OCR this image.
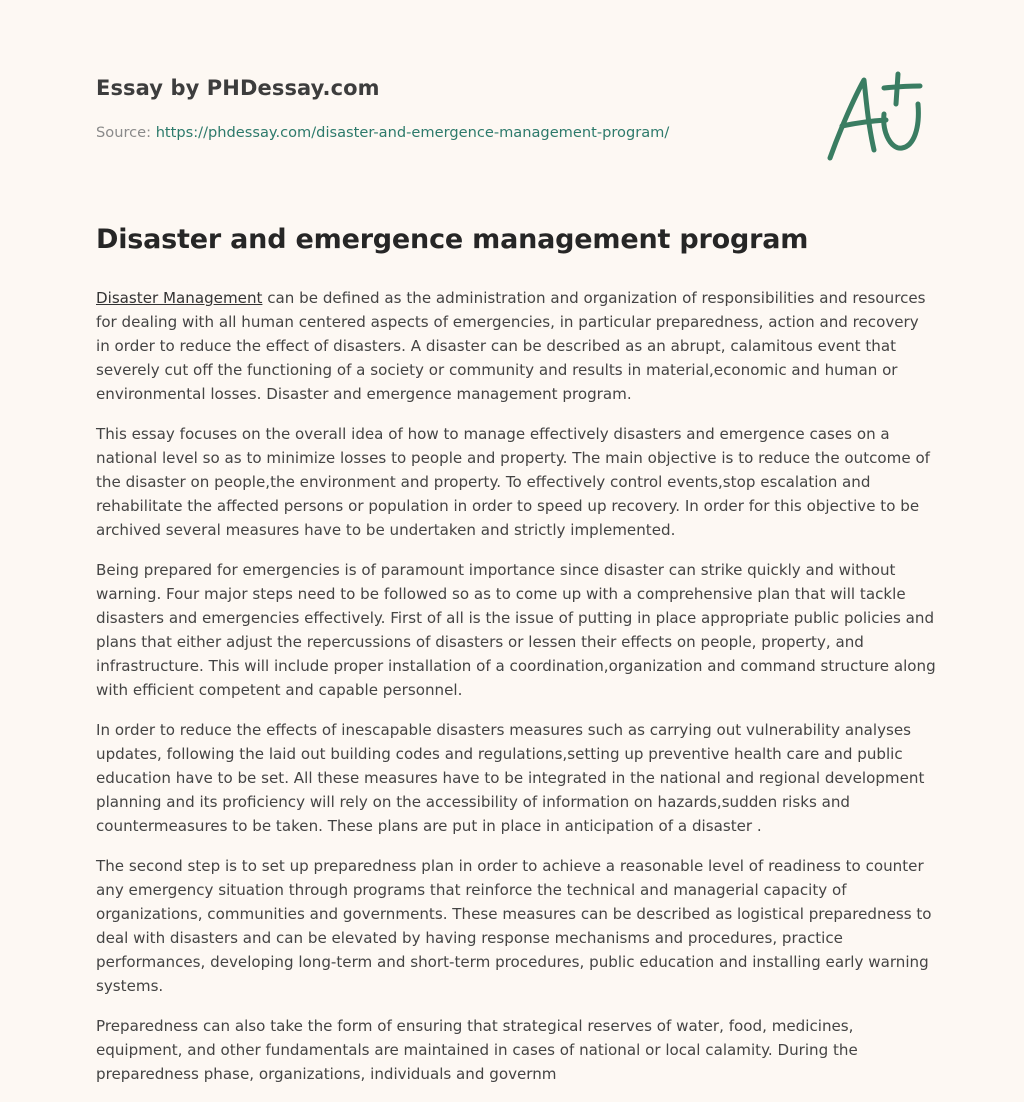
Essay by PHDessay.com
Source: https://phdessay.com/disaster-and-emergence-management-program/
Disaster and emergence management program

Disaster Management can be defined as the administration and organization of responsibilities and resources for dealing with all human centered aspects of emergencies, in particular preparedness, action and recovery in order to reduce the effect of disasters. A disaster can be described as an abrupt, calamitous event that severely cut off the functioning of a society or community and results in material,economic and human or environmental losses. Disaster and emergence management program.

This essay focuses on the overall idea of how to manage effectively disasters and emergence cases on a national level so as to minimize losses to people and property. The main objective is to reduce the outcome of the disaster on people,the environment and property. To effectively control events,stop escalation and rehabilitate the affected persons or population in order to speed up recovery. In order for this objective to be archived several measures have to be undertaken and strictly implemented.

Being prepared for emergencies is of paramount importance since disaster can strike quickly and without warning. Four major steps need to be followed so as to come up with a comprehensive plan that will tackle disasters and emergencies effectively. First of all is the issue of putting in place appropriate public policies and plans that either adjust the repercussions of disasters or lessen their effects on people, property, and infrastructure. This will include proper installation of a coordination,organization and command structure along with efficient competent and capable personnel.

In order to reduce the effects of inescapable disasters measures such as carrying out vulnerability analyses updates, following the laid out building codes and regulations,setting up preventive health care and public education have to be set. All these measures have to be integrated in the national and regional development planning and its proficiency will rely on the accessibility of information on hazards,sudden risks and countermeasures to be taken. These plans are put in place in anticipation of a disaster .

The second step is to set up preparedness plan in order to achieve a reasonable level of readiness to counter any emergency situation through programs that reinforce the technical and managerial capacity of organizations, communities and governments. These measures can be described as logistical preparedness to deal with disasters and can be elevated by having response mechanisms and procedures, practice performances, developing long-term and short-term procedures, public education and installing early warning systems.

Preparedness can also take the form of ensuring that strategical reserves of water, food, medicines, equipment, and other fundamentals are maintained in cases of national or local calamity. During the preparedness phase, organizations, individuals and governm
